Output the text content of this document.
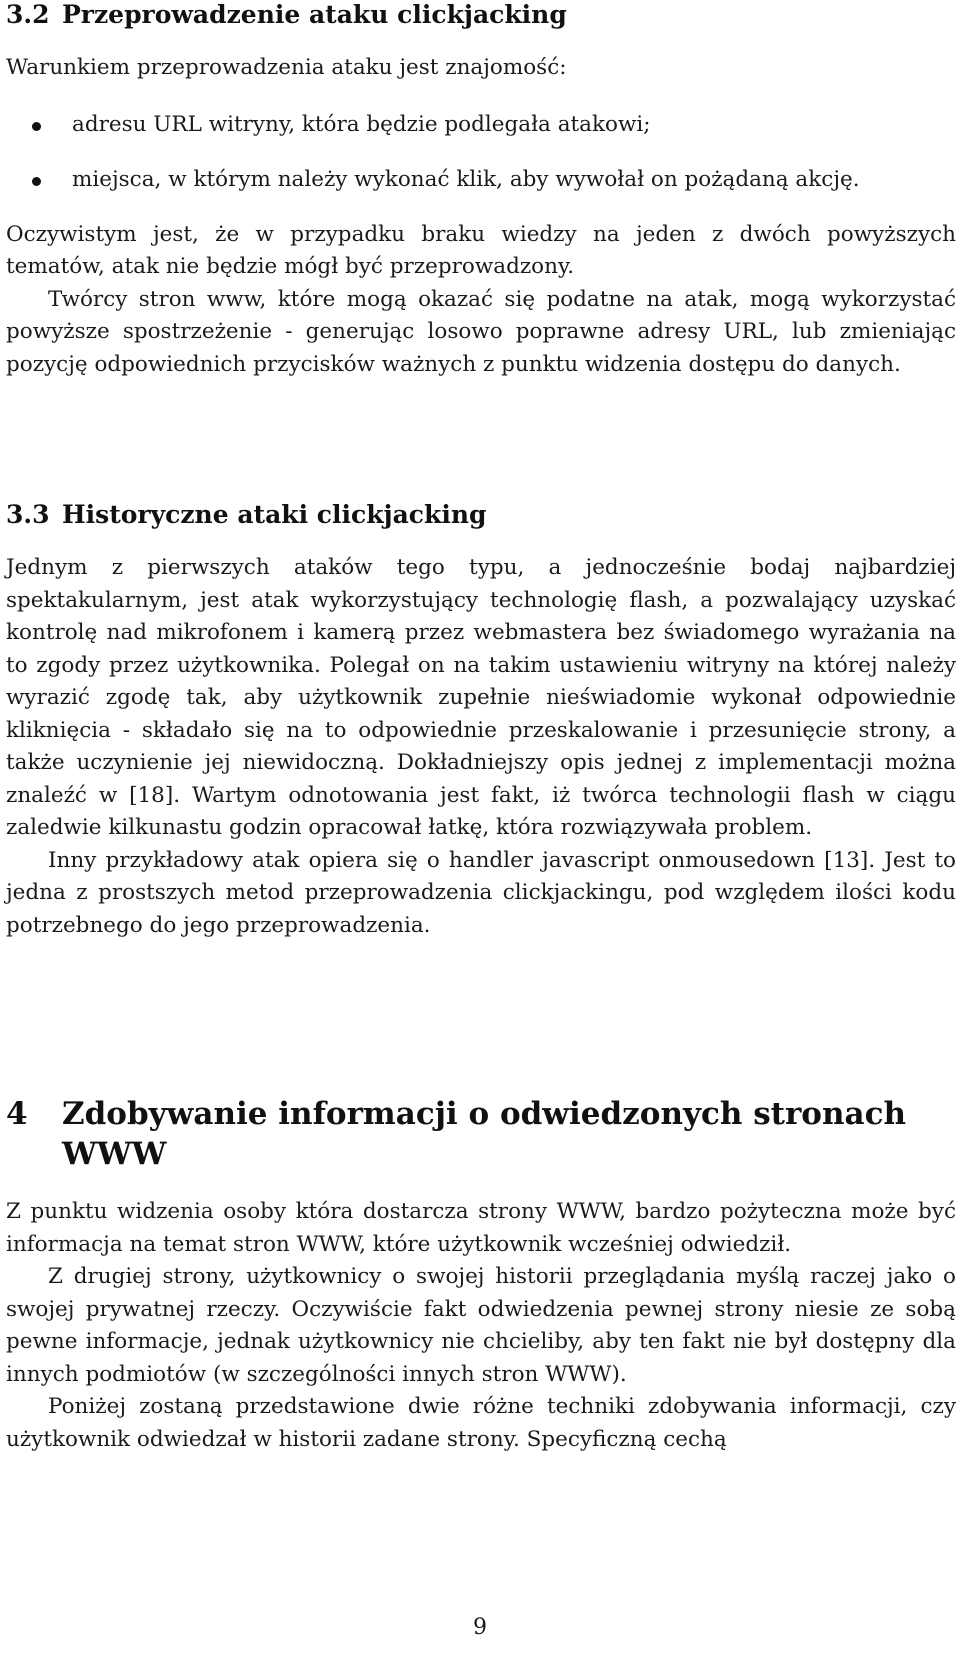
3.2 Przeprowadzenie ataku clickjacking

Warunkiem przeprowadzenia ataku jest znajomość:

adresu URL witryny, która będzie podlegała atakowi;
miejsca, w którym należy wykonać klik, aby wywołał on pożądaną akcję.

Oczywistym jest, że w przypadku braku wiedzy na jeden z dwóch powyższych tematów, atak nie będzie mógł być przeprowadzony.

Twórcy stron www, które mogą okazać się podatne na atak, mogą wykorzystać powyższe spostrzeżenie - generując losowo poprawne adresy URL, lub zmieniając pozycję odpowiednich przycisków ważnych z punktu widzenia dostępu do danych.

3.3 Historyczne ataki clickjacking

Jednym z pierwszych ataków tego typu, a jednocześnie bodaj najbardziej spektakularnym, jest atak wykorzystujący technologię flash, a pozwalający uzyskać kontrolę nad mikrofonem i kamerą przez webmastera bez świadomego wyrażania na to zgody przez użytkownika. Polegał on na takim ustawieniu witryny na której należy wyrazić zgodę tak, aby użytkownik zupełnie nieświadomie wykonał odpowiednie kliknięcia - składało się na to odpowiednie przeskalowanie i przesunięcie strony, a także uczynienie jej niewidoczną. Dokładniejszy opis jednej z implementacji można znaleźć w [18]. Wartym odnotowania jest fakt, iż twórca technologii flash w ciągu zaledwie kilkunastu godzin opracował łatkę, która rozwiązywała problem.

Inny przykładowy atak opiera się o handler javascript onmousedown [13]. Jest to jedna z prostszych metod przeprowadzenia clickjackingu, pod względem ilości kodu potrzebnego do jego przeprowadzenia.

4 Zdobywanie informacji o odwiedzonych stronach
WWW

Z punktu widzenia osoby która dostarcza strony WWW, bardzo pożyteczna może być informacja na temat stron WWW, które użytkownik wcześniej odwiedził.

Z drugiej strony, użytkownicy o swojej historii przeglądania myślą raczej jako o swojej prywatnej rzeczy. Oczywiście fakt odwiedzenia pewnej strony niesie ze sobą pewne informacje, jednak użytkownicy nie chcieliby, aby ten fakt nie był dostępny dla innych podmiotów (w szczególności innych stron WWW).

Poniżej zostaną przedstawione dwie różne techniki zdobywania informacji, czy użytkownik odwiedzał w historii zadane strony. Specyficzną cechą

9
